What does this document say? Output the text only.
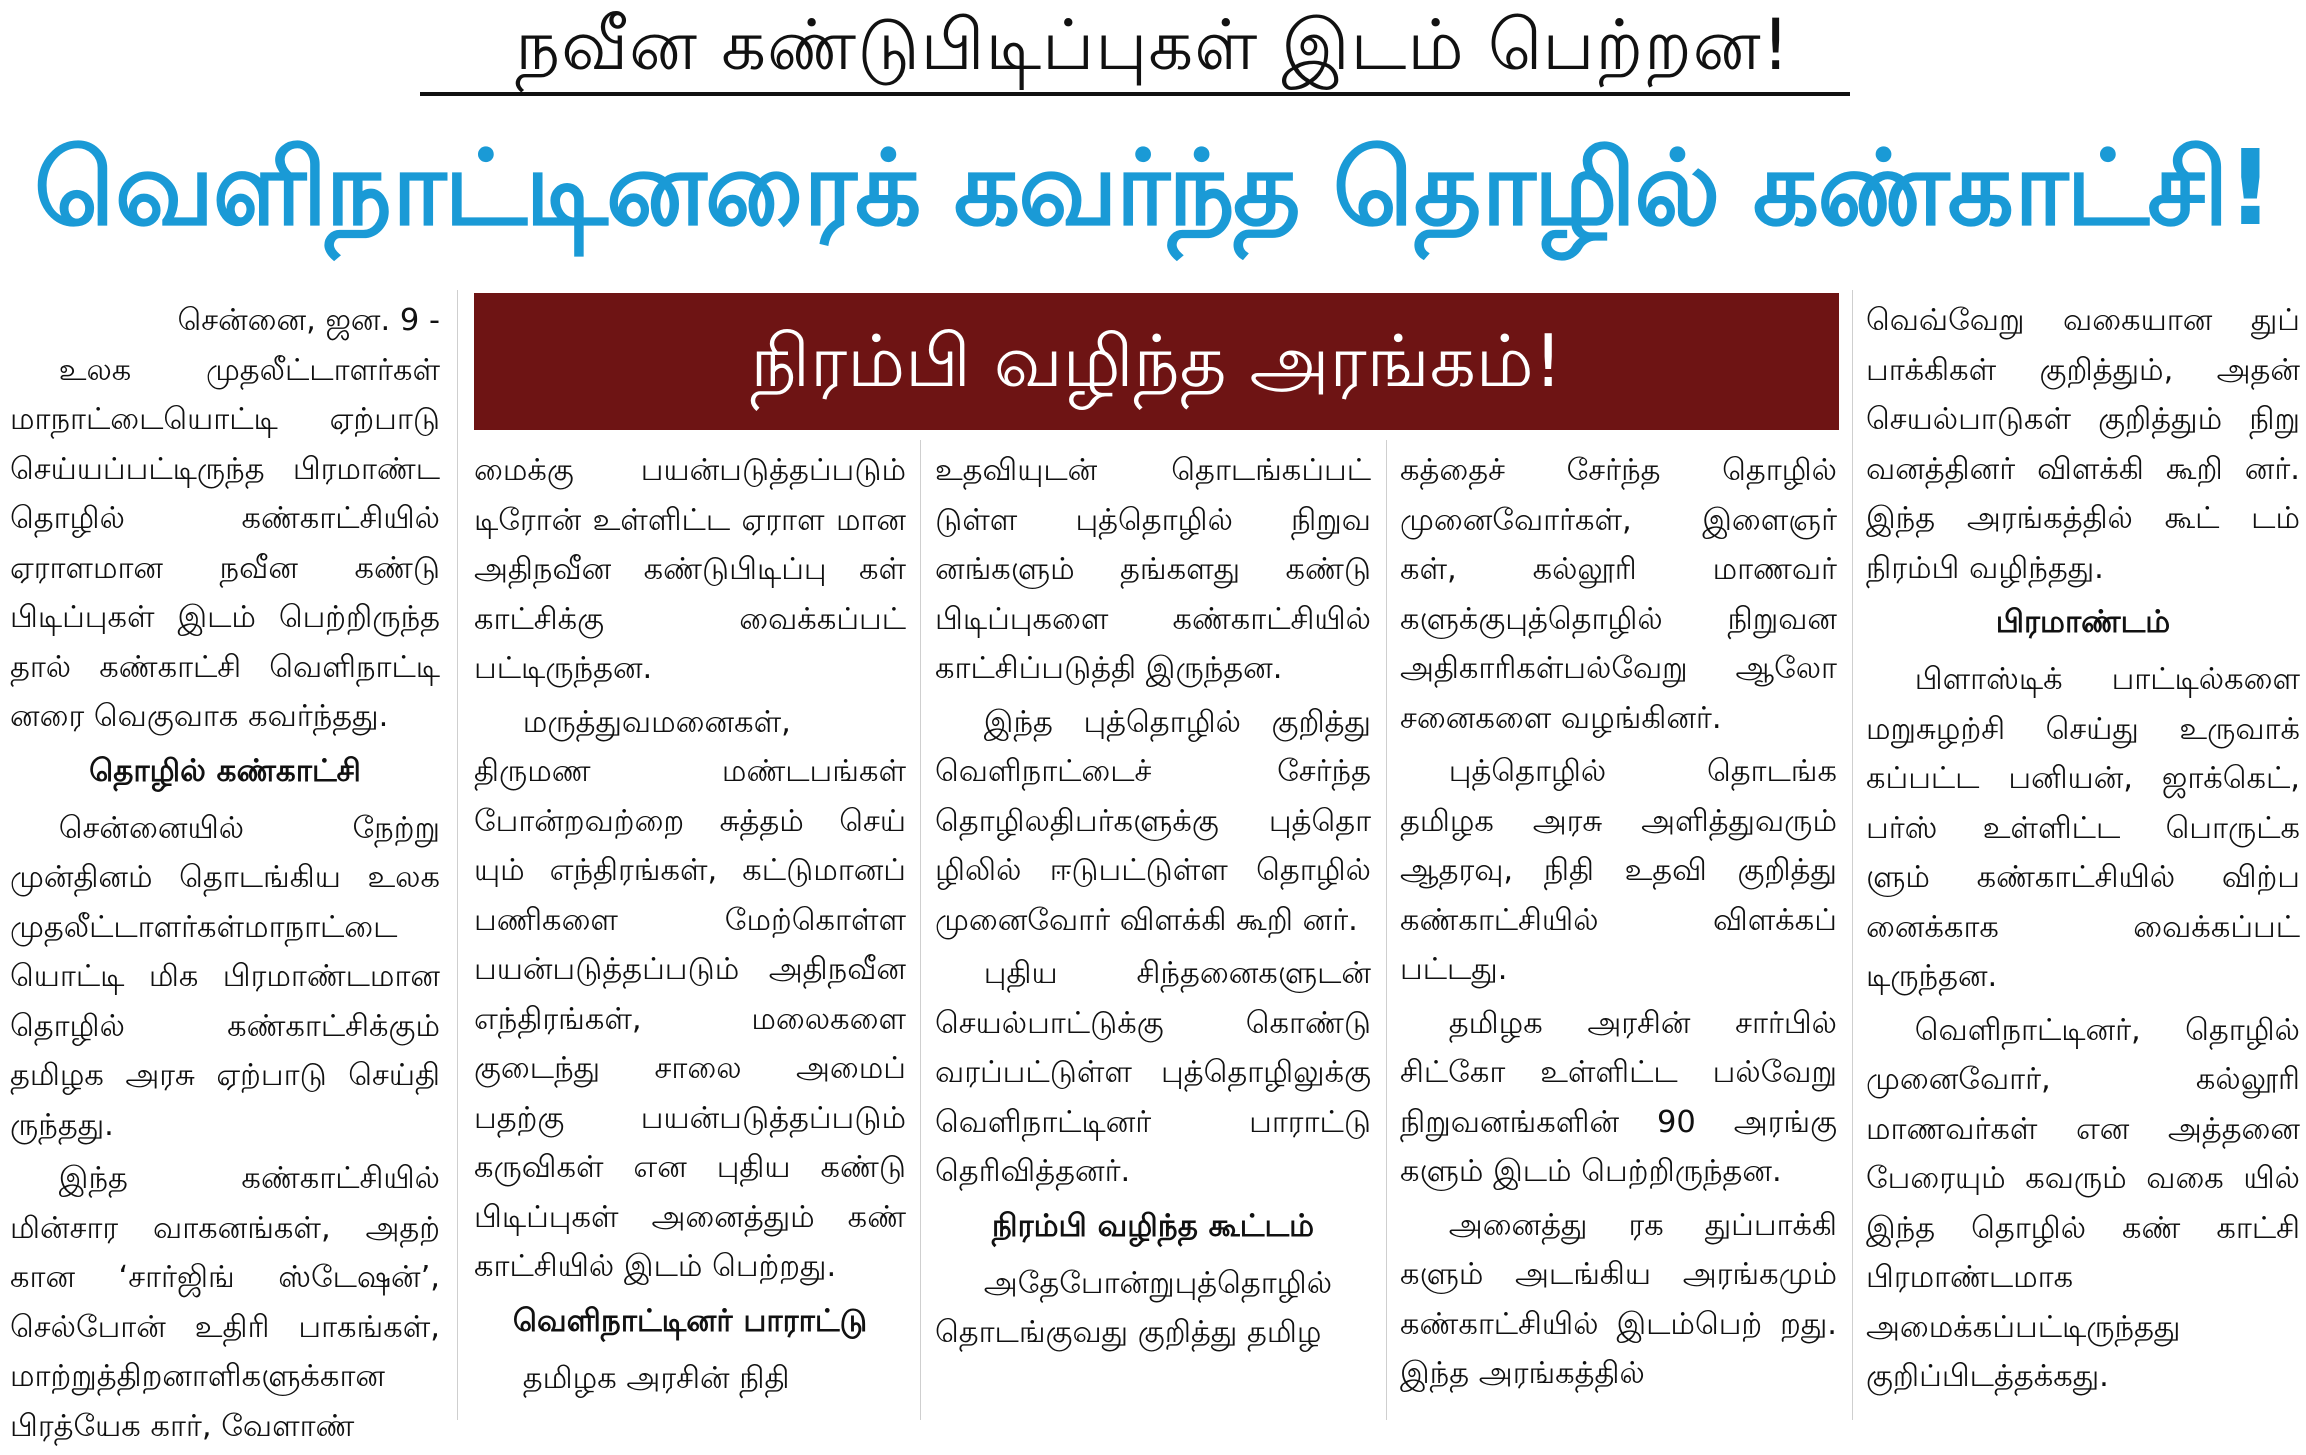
நவீன கண்டுபிடிப்புகள் இடம் பெற்றன!
வெளிநாட்டினரைக் கவர்ந்த தொழில் கண்காட்சி!
நிரம்பி வழிந்த அரங்கம்!

சென்னை, ஜன. 9 -

உலக முதலீட்டாளர்கள் மாநாட்டையொட்டி ஏற்பாடு செய்யப்பட்டிருந்த பிரமாண்ட தொழில் கண்காட்சியில் ஏராளமான நவீன கண்டு பிடிப்புகள் இடம் பெற்றிருந்த தால் கண்காட்சி வெளிநாட்டி னரை வெகுவாக கவர்ந்தது.

தொழில் கண்காட்சி

சென்னையில் நேற்று முன்தினம் தொடங்கிய உலக முதலீட்டாளர்கள்மாநாட்டை யொட்டி மிக பிரமாண்டமான தொழில் கண்காட்சிக்கும் தமிழக அரசு ஏற்பாடு செய்தி ருந்தது.

இந்த கண்காட்சியில் மின்சார வாகனங்கள், அதற் கான ‘சார்ஜிங் ஸ்டேஷன்’, செல்போன் உதிரி பாகங்கள், மாற்றுத்திறனாளிகளுக்கான பிரத்யேக கார், வேளாண்

மைக்கு பயன்படுத்தப்படும் டிரோன் உள்ளிட்ட ஏராள மான அதிநவீன கண்டுபிடிப்பு கள் காட்சிக்கு வைக்கப்பட் பட்டிருந்தன.

மருத்துவமனைகள், திருமண மண்டபங்கள் போன்றவற்றை சுத்தம் செய் யும் எந்திரங்கள், கட்டுமானப் பணிகளை மேற்கொள்ள பயன்படுத்தப்படும் அதிநவீன எந்திரங்கள், மலைகளை குடைந்து சாலை அமைப் பதற்கு பயன்படுத்தப்படும் கருவிகள் என புதிய கண்டு பிடிப்புகள் அனைத்தும் கண் காட்சியில் இடம் பெற்றது.

வெளிநாட்டினர் பாராட்டு

தமிழக அரசின் நிதி

உதவியுடன் தொடங்கப்பட் டுள்ள புத்தொழில் நிறுவ னங்களும் தங்களது கண்டு பிடிப்புகளை கண்காட்சியில் காட்சிப்படுத்தி இருந்தன.

இந்த புத்தொழில் குறித்து வெளிநாட்டைச் சேர்ந்த தொழிலதிபர்களுக்கு புத்தொ ழிலில் ஈடுபட்டுள்ள தொழில் முனைவோர் விளக்கி கூறி னர்.

புதிய சிந்தனைகளுடன் செயல்பாட்டுக்கு கொண்டு வரப்பட்டுள்ள புத்தொழிலுக்கு வெளிநாட்டினர் பாராட்டு தெரிவித்தனர்.

நிரம்பி வழிந்த கூட்டம்

அதேபோன்றுபுத்தொழில் தொடங்குவது குறித்து தமிழ

கத்தைச் சேர்ந்த தொழில் முனைவோர்கள், இளைஞர் கள், கல்லூரி மாணவர் களுக்குபுத்தொழில் நிறுவன அதிகாரிகள்பல்வேறு ஆலோ சனைகளை வழங்கினர்.

புத்தொழில் தொடங்க தமிழக அரசு அளித்துவரும் ஆதரவு, நிதி உதவி குறித்து கண்காட்சியில் விளக்கப் பட்டது.

தமிழக அரசின் சார்பில் சிட்கோ உள்ளிட்ட பல்வேறு நிறுவனங்களின் 90 அரங்கு களும் இடம் பெற்றிருந்தன.

அனைத்து ரக துப்பாக்கி களும் அடங்கிய அரங்கமும் கண்காட்சியில் இடம்பெற் றது. இந்த அரங்கத்தில்

வெவ்வேறு வகையான துப் பாக்கிகள் குறித்தும், அதன் செயல்பாடுகள் குறித்தும் நிறு வனத்தினர் விளக்கி கூறி னர். இந்த அரங்கத்தில் கூட் டம் நிரம்பி வழிந்தது.

பிரமாண்டம்

பிளாஸ்டிக் பாட்டில்களை மறுசுழற்சி செய்து உருவாக் கப்பட்ட பனியன், ஜாக்கெட், பர்ஸ் உள்ளிட்ட பொருட்க ளும் கண்காட்சியில் விற்ப னைக்காக வைக்கப்பட் டிருந்தன.

வெளிநாட்டினர், தொழில் முனைவோர், கல்லூரி மாணவர்கள் என அத்தனை பேரையும் கவரும் வகை யில் இந்த தொழில் கண் காட்சி பிரமாண்டமாக அமைக்கப்பட்டிருந்தது குறிப்பிடத்தக்கது.
